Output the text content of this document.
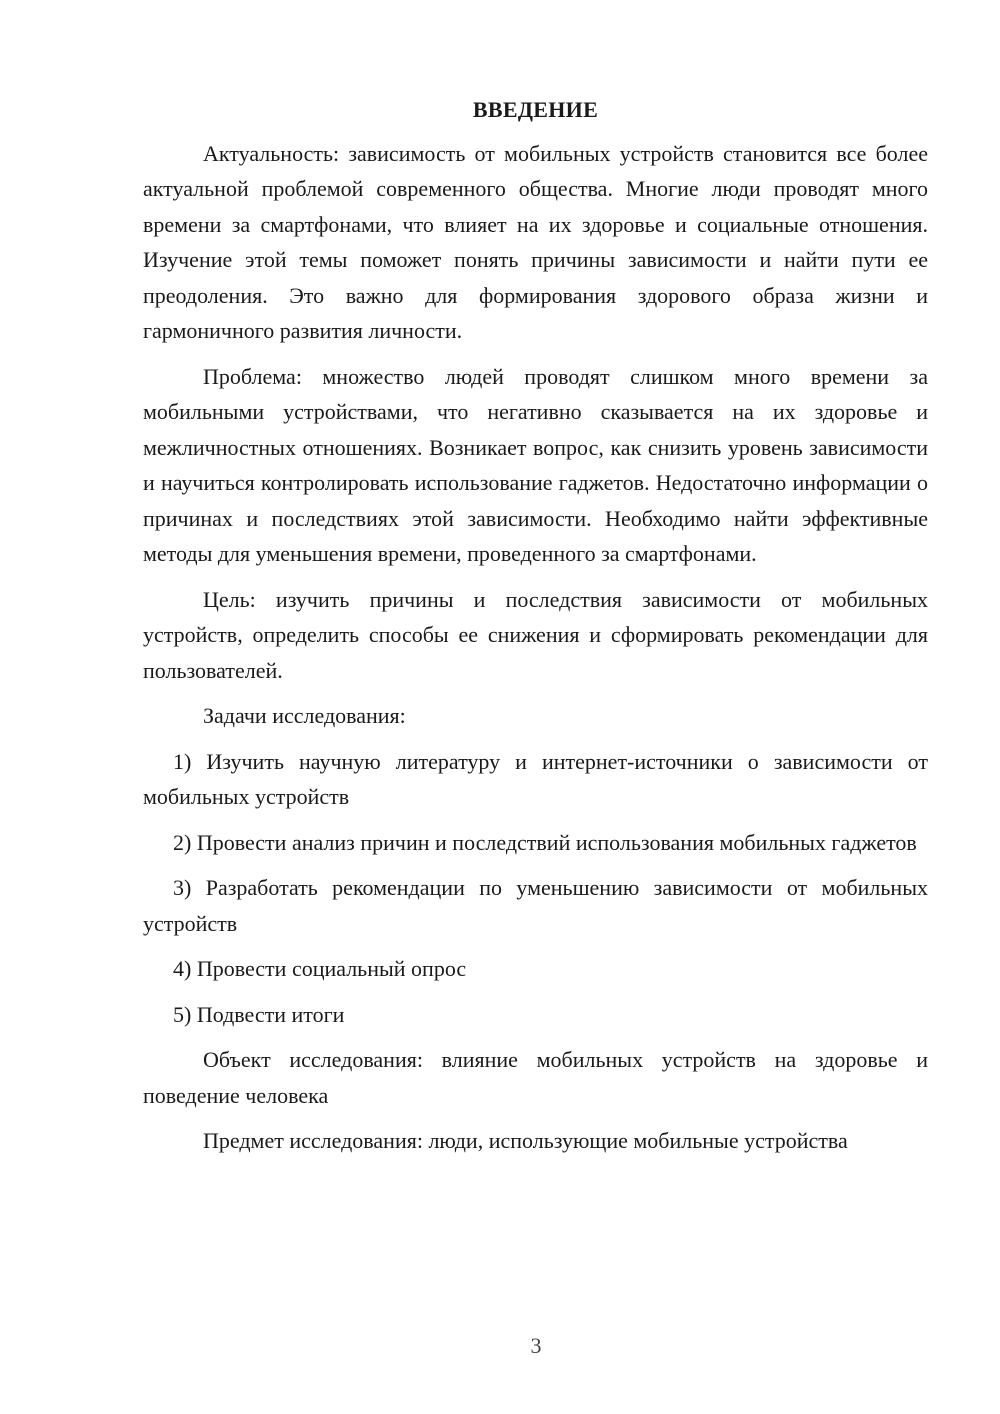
ВВЕДЕНИЕ

Актуальность: зависимость от мобильных устройств становится все более актуальной проблемой современного общества. Многие люди проводят много времени за смартфонами, что влияет на их здоровье и социальные отношения. Изучение этой темы поможет понять причины зависимости и найти пути ее преодоления. Это важно для формирования здорового образа жизни и гармоничного развития личности.

Проблема: множество людей проводят слишком много времени за мобильными устройствами, что негативно сказывается на их здоровье и межличностных отношениях. Возникает вопрос, как снизить уровень зависимости и научиться контролировать использование гаджетов. Недостаточно информации о причинах и последствиях этой зависимости. Необходимо найти эффективные методы для уменьшения времени, проведенного за смартфонами.

Цель: изучить причины и последствия зависимости от мобильных устройств, определить способы ее снижения и сформировать рекомендации для пользователей.

Задачи исследования:

1) Изучить научную литературу и интернет-источники о зависимости от мобильных устройств

2) Провести анализ причин и последствий использования мобильных гаджетов

3) Разработать рекомендации по уменьшению зависимости от мобильных устройств

4) Провести социальный опрос

5) Подвести итоги

Объект исследования: влияние мобильных устройств на здоровье и поведение человека

Предмет исследования: люди, использующие мобильные устройства

3
